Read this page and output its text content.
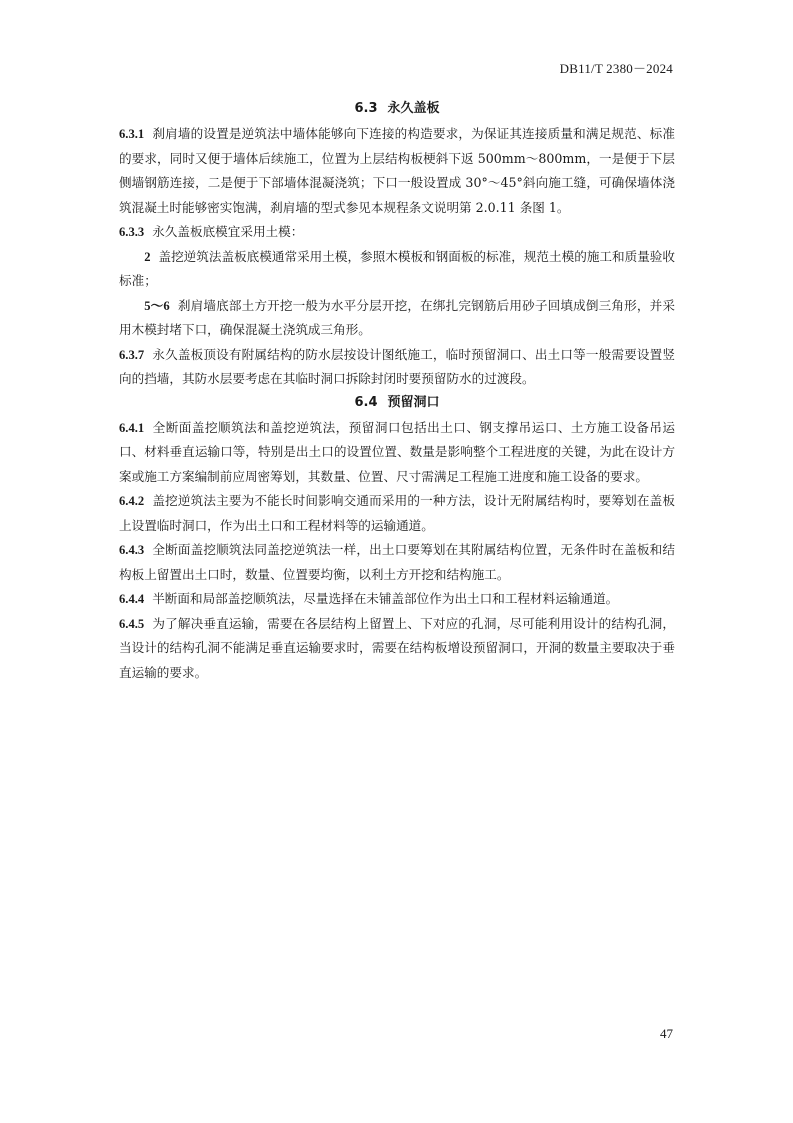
DB11/T 2380－2024
6.3 永久盖板

6.3.1 刹肩墙的设置是逆筑法中墙体能够向下连接的构造要求，为保证其连接质量和满足规范、标准的要求，同时又便于墙体后续施工，位置为上层结构板梗斜下返 500mm～800mm，一是便于下层侧墙钢筋连接，二是便于下部墙体混凝浇筑；下口一般设置成 30°～45°斜向施工缝，可确保墙体浇筑混凝土时能够密实饱满，刹肩墙的型式参见本规程条文说明第 2.0.11 条图 1。

6.3.3 永久盖板底模宜采用土模：

2 盖挖逆筑法盖板底模通常采用土模，参照木模板和钢面板的标准，规范土模的施工和质量验收标准；

5～6 刹肩墙底部土方开挖一般为水平分层开挖，在绑扎完钢筋后用砂子回填成倒三角形，并采用木模封堵下口，确保混凝土浇筑成三角形。

6.3.7 永久盖板顶设有附属结构的防水层按设计图纸施工，临时预留洞口、出土口等一般需要设置竖向的挡墙，其防水层要考虑在其临时洞口拆除封闭时要预留防水的过渡段。

6.4 预留洞口

6.4.1 全断面盖挖顺筑法和盖挖逆筑法，预留洞口包括出土口、钢支撑吊运口、土方施工设备吊运口、材料垂直运输口等，特别是出土口的设置位置、数量是影响整个工程进度的关键，为此在设计方案或施工方案编制前应周密筹划，其数量、位置、尺寸需满足工程施工进度和施工设备的要求。

6.4.2 盖挖逆筑法主要为不能长时间影响交通而采用的一种方法，设计无附属结构时，要筹划在盖板上设置临时洞口，作为出土口和工程材料等的运输通道。

6.4.3 全断面盖挖顺筑法同盖挖逆筑法一样，出土口要筹划在其附属结构位置，无条件时在盖板和结构板上留置出土口时，数量、位置要均衡，以利土方开挖和结构施工。

6.4.4 半断面和局部盖挖顺筑法，尽量选择在未铺盖部位作为出土口和工程材料运输通道。

6.4.5 为了解决垂直运输，需要在各层结构上留置上、下对应的孔洞，尽可能利用设计的结构孔洞，当设计的结构孔洞不能满足垂直运输要求时，需要在结构板增设预留洞口，开洞的数量主要取决于垂直运输的要求。

47
